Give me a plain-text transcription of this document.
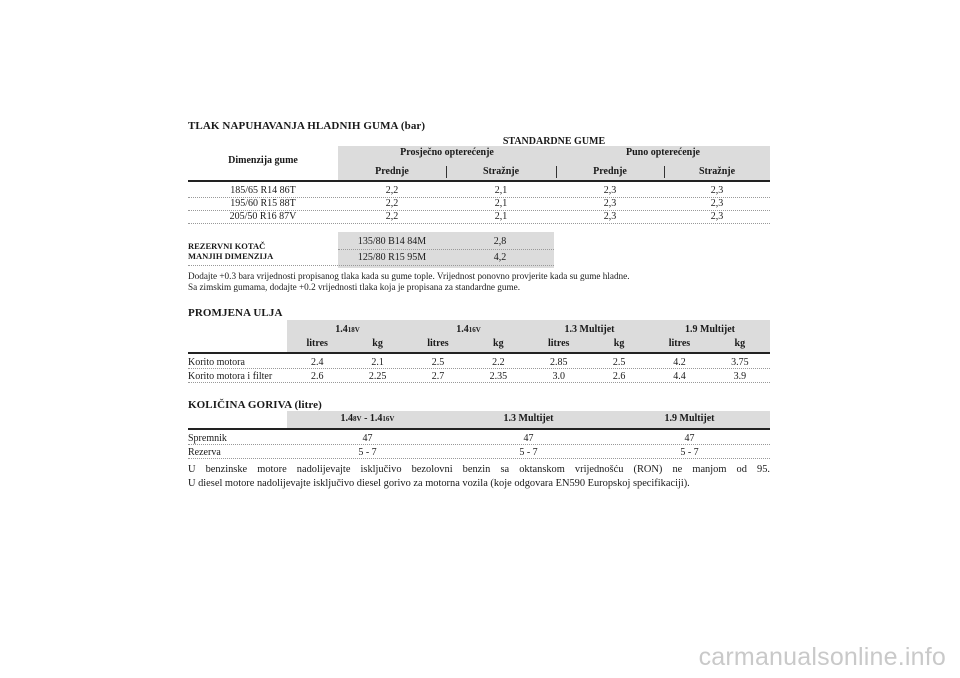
TLAK NAPUHAVANJA HLADNIH GUMA (bar)
STANDARDNE GUME
Dimenzija gume
Prosječno opterećenje	Puno opterećenje
Prednje	Stražnje	Prednje	Stražnje
185/65 R14 86T	2,2	2,1	2,3	2,3
195/60 R15 88T	2,2	2,1	2,3	2,3
205/50 R16 87V	2,2	2,1	2,3	2,3
REZERVNI KOTAČ
MANJIH DIMENZIJA
135/80 B14 84M	2,8
125/80 R15 95M	4,2
Dodajte +0.3 bara vrijednosti propisanog tlaka kada su gume tople. Vrijednost ponovno provjerite kada su gume hladne.
Sa zimskim gumama, dodajte +0.2 vrijednosti tlaka koja je propisana za standardne gume.
PROMJENA ULJA
1.418V	1.416V	1.3 Multijet	1.9 Multijet
litres	kg	litres	kg	litres	kg	litres	kg
Korito motora	2.4	2.1	2.5	2.2	2.85	2.5	4.2	3.75
Korito motora i filter	2.6	2.25	2.7	2.35	3.0	2.6	4.4	3.9
KOLIČINA GORIVA (litre)
1.48V - 1.416V	1.3 Multijet	1.9 Multijet
Spremnik	47	47	47
Rezerva	5 - 7	5 - 7	5 - 7
U benzinske motore nadolijevajte isključivo bezolovni benzin sa oktanskom vrijednošću (RON) ne manjom od 95.
U diesel motore nadolijevajte isključivo diesel gorivo za motorna vozila (koje odgovara EN590 Europskoj specifikaciji).
carmanualsonline.info
